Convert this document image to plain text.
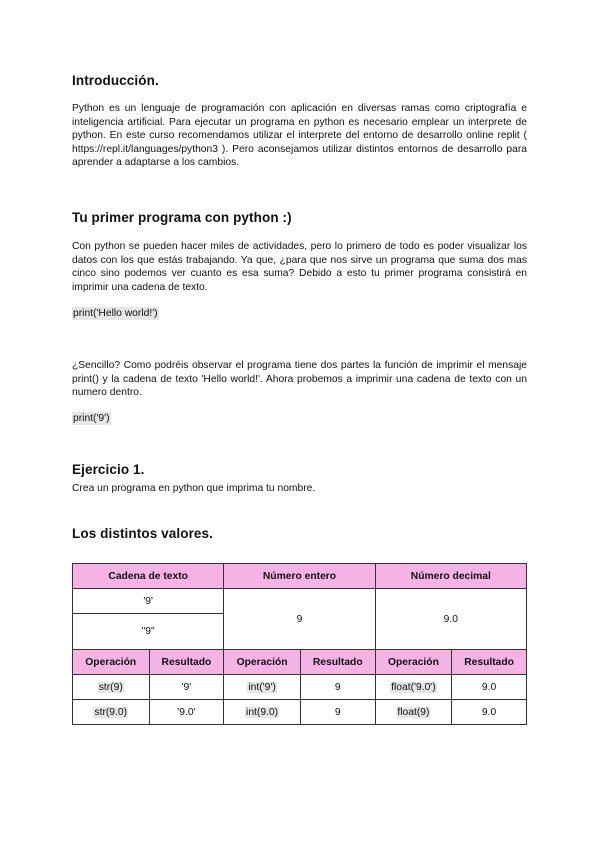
Introducción.

Python es un lenguaje de programación con aplicación en diversas ramas como criptografía e inteligencia artificial. Para ejecutar un programa en python es necesario emplear un interprete de python. En este curso recomendamos utilizar el interprete del entorno de desarrollo online replit ( https://repl.it/languages/python3 ). Pero aconsejamos utilizar distintos entornos de desarrollo para aprender a adaptarse a los cambios.

Tu primer programa con python :)

Con python se pueden hacer miles de actividades, pero lo primero de todo es poder visualizar los datos con los que estás trabajando. Ya que, ¿para que nos sirve un programa que suma dos mas cinco sino podemos ver cuanto es esa suma? Debido a esto tu primer programa consistirá en imprimir una cadena de texto.

print('Hello world!')

¿Sencillo? Como podréis observar el programa tiene dos partes la función de imprimir el mensaje print() y la cadena de texto 'Hello world!'. Ahora probemos a imprimir una cadena de texto con un numero dentro.

print('9')
Ejercicio 1.

Crea un programa en python que imprima tu nombre.

Los distintos valores.
Cadena de texto		Número entero		Número decimal	
'9'		9		9.0	
"9"					
Operación	Resultado	Operación	Resultado	Operación	Resultado
str(9)	'9'	int('9')	9	float('9.0')	9.0
str(9.0)	'9.0'	int(9.0)	9	float(9)	9.0
